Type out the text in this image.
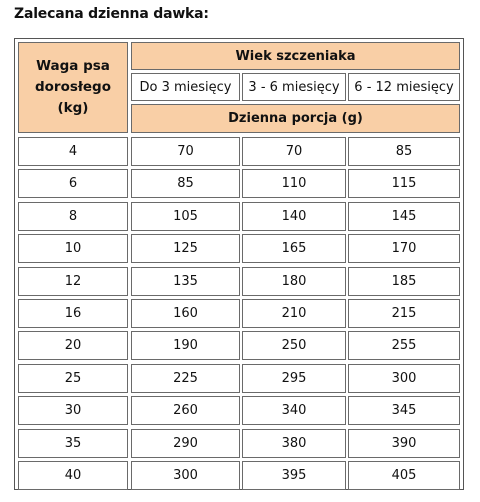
Zalecana dzienna dawka:
Waga psa dorosłego (kg)
Wiek szczeniaka
Do 3 miesięcy	3 - 6 miesięcy	6 - 12 miesięcy
Dzienna porcja (g)
4	70	70	85
6	85	110	115
8	105	140	145
10	125	165	170
12	135	180	185
16	160	210	215
20	190	250	255
25	225	295	300
30	260	340	345
35	290	380	390
40	300	395	405
